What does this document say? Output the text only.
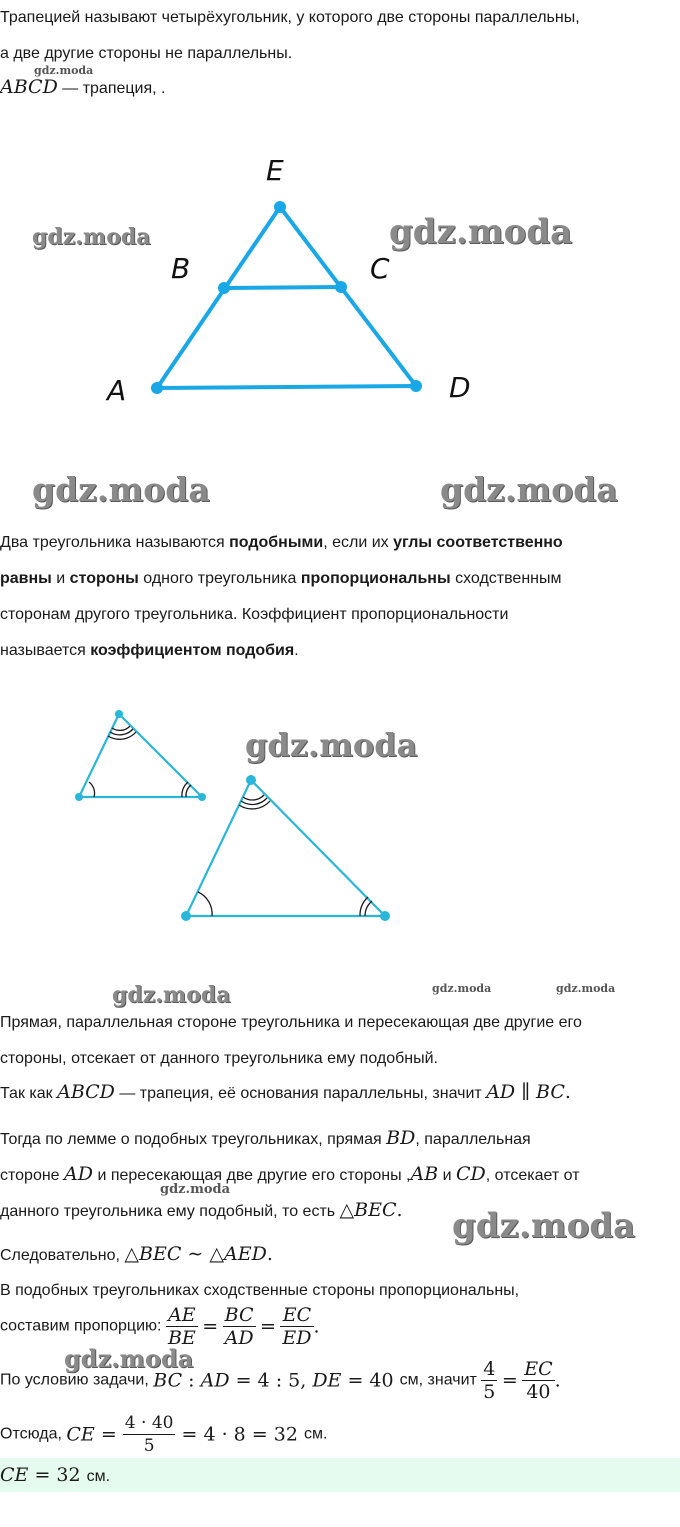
Трапецией называют четырёхугольник, у которого две стороны параллельны,
а две другие стороны не параллельны.
gdz.moda
ABCD — трапеция, .
E
B	C
A	D
gdz.moda	gdz.moda
gdz.moda	gdz.moda
Два треугольника называются подобными, если их углы соответственно
равны и стороны одного треугольника пропорциональны сходственным
сторонам другого треугольника. Коэффициент пропорциональности
называется коэффициентом подобия.
gdz.moda
gdz.moda	gdz.moda	gdz.moda
Прямая, параллельная стороне треугольника и пересекающая две другие его
стороны, отсекает от данного треугольника ему подобный.
Так как ABCD — трапеция, её основания параллельны, значит AD ∥ BC.
Тогда по лемме о подобных треугольниках, прямая BD, параллельная
стороне AD и пересекающая две другие его стороны ,AB и CD, отсекает от
gdz.moda
данного треугольника ему подобный, то есть △BEC. gdz.moda
Следовательно, △BEC ∼ △AED.
В подобных треугольниках сходственные стороны пропорциональны,
составим пропорцию: $\frac{AE}{BE} = \frac{BC}{AD} = \frac{EC}{ED}$ .
gdz.moda
По условию задачи, BC : AD = 4 : 5, DE = 40 см, значит $\frac{4}{5} = \frac{EC}{40}$ .
Отсюда, CE = $\frac{4 \cdot 40}{5} = 4 \cdot 8 = 32$ см.
CE = 32 см.
